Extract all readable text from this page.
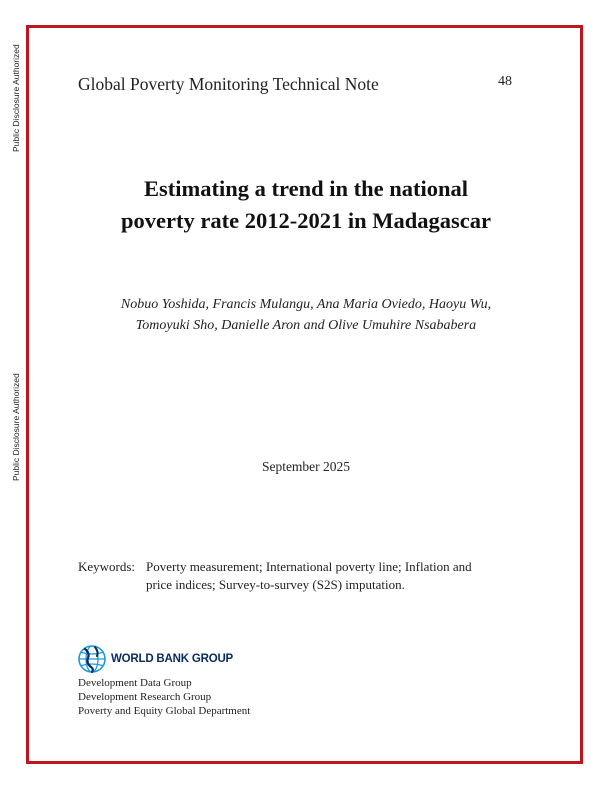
Public Disclosure Authorized
Public Disclosure Authorized
Global Poverty Monitoring Technical Note	48
Estimating a trend in the national
poverty rate 2012-2021 in Madagascar
Nobuo Yoshida, Francis Mulangu, Ana Maria Oviedo, Haoyu Wu,
Tomoyuki Sho, Danielle Aron and Olive Umuhire Nsababera
September 2025
Keywords: Poverty measurement; International poverty line; Inflation and
price indices; Survey-to-survey (S2S) imputation.
WORLD BANK GROUP
Development Data Group
Development Research Group
Poverty and Equity Global Department
